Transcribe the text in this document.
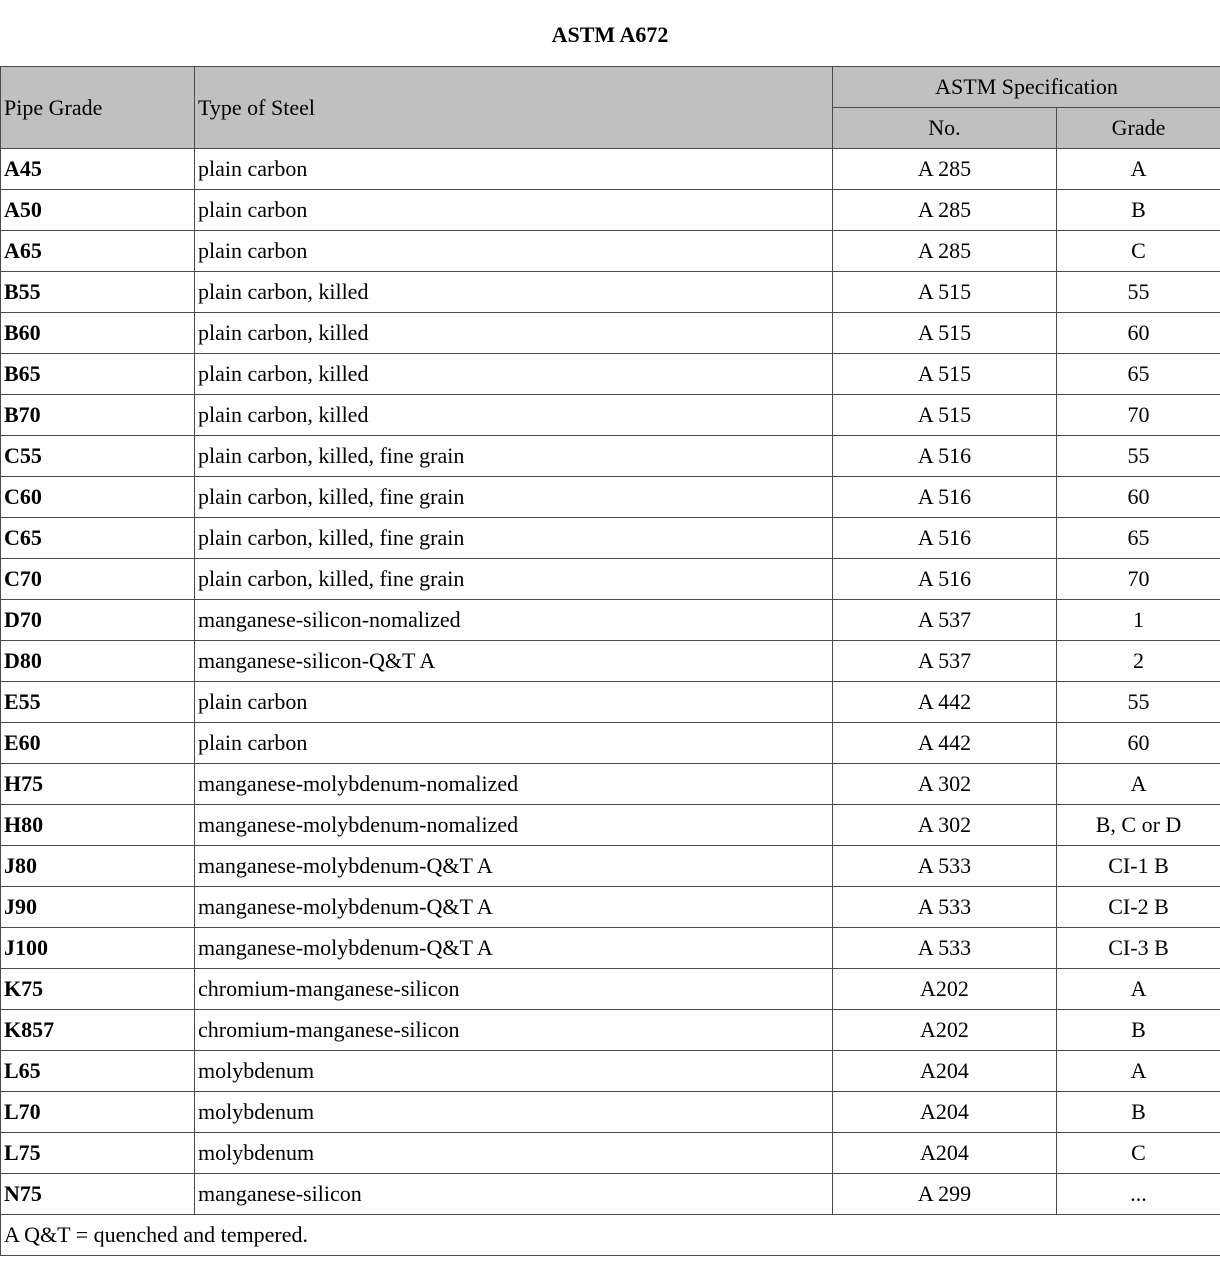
ASTM A672
Pipe Grade	Type of Steel	ASTM Specification	
		No.	Grade
A45	plain carbon	A 285	A
A50	plain carbon	A 285	B
A65	plain carbon	A 285	C
B55	plain carbon, killed	A 515	55
B60	plain carbon, killed	A 515	60
B65	plain carbon, killed	A 515	65
B70	plain carbon, killed	A 515	70
C55	plain carbon, killed, fine grain	A 516	55
C60	plain carbon, killed, fine grain	A 516	60
C65	plain carbon, killed, fine grain	A 516	65
C70	plain carbon, killed, fine grain	A 516	70
D70	manganese-silicon-nomalized	A 537	1
D80	manganese-silicon-Q&T A	A 537	2
E55	plain carbon	A 442	55
E60	plain carbon	A 442	60
H75	manganese-molybdenum-nomalized	A 302	A
H80	manganese-molybdenum-nomalized	A 302	B, C or D
J80	manganese-molybdenum-Q&T A	A 533	CI-1 B
J90	manganese-molybdenum-Q&T A	A 533	CI-2 B
J100	manganese-molybdenum-Q&T A	A 533	CI-3 B
K75	chromium-manganese-silicon	A202	A
K857	chromium-manganese-silicon	A202	B
L65	molybdenum	A204	A
L70	molybdenum	A204	B
L75	molybdenum	A204	C
N75	manganese-silicon	A 299	...
A Q&T = quenched and tempered.			
